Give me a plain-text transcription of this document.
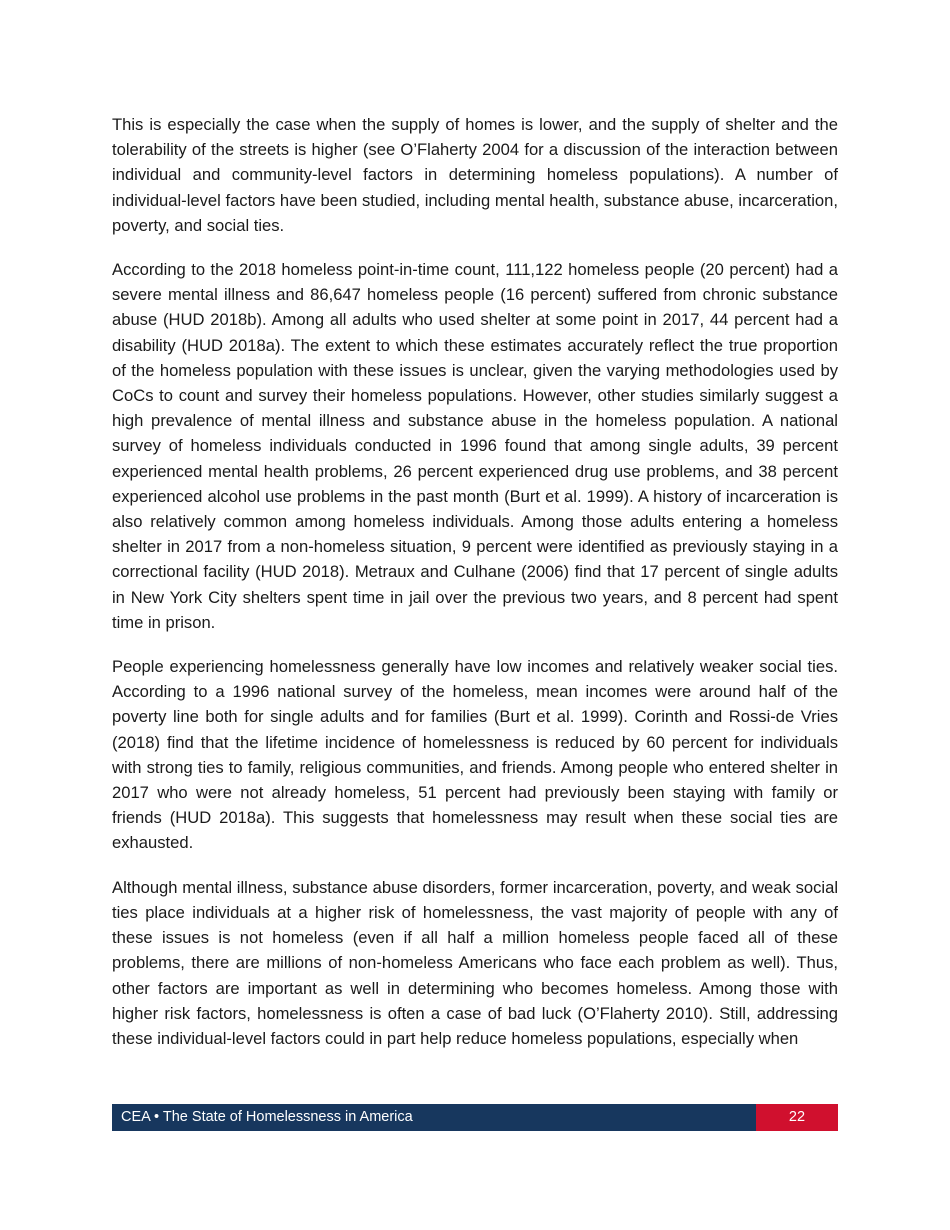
This is especially the case when the supply of homes is lower, and the supply of shelter and the tolerability of the streets is higher (see O’Flaherty 2004 for a discussion of the interaction between individual and community-level factors in determining homeless populations). A number of individual-level factors have been studied, including mental health, substance abuse, incarceration, poverty, and social ties.

According to the 2018 homeless point-in-time count, 111,122 homeless people (20 percent) had a severe mental illness and 86,647 homeless people (16 percent) suffered from chronic substance abuse (HUD 2018b). Among all adults who used shelter at some point in 2017, 44 percent had a disability (HUD 2018a). The extent to which these estimates accurately reflect the true proportion of the homeless population with these issues is unclear, given the varying methodologies used by CoCs to count and survey their homeless populations. However, other studies similarly suggest a high prevalence of mental illness and substance abuse in the homeless population. A national survey of homeless individuals conducted in 1996 found that among single adults, 39 percent experienced mental health problems, 26 percent experienced drug use problems, and 38 percent experienced alcohol use problems in the past month (Burt et al. 1999). A history of incarceration is also relatively common among homeless individuals. Among those adults entering a homeless shelter in 2017 from a non-homeless situation, 9 percent were identified as previously staying in a correctional facility (HUD 2018). Metraux and Culhane (2006) find that 17 percent of single adults in New York City shelters spent time in jail over the previous two years, and 8 percent had spent time in prison.

People experiencing homelessness generally have low incomes and relatively weaker social ties. According to a 1996 national survey of the homeless, mean incomes were around half of the poverty line both for single adults and for families (Burt et al. 1999). Corinth and Rossi-de Vries (2018) find that the lifetime incidence of homelessness is reduced by 60 percent for individuals with strong ties to family, religious communities, and friends. Among people who entered shelter in 2017 who were not already homeless, 51 percent had previously been staying with family or friends (HUD 2018a). This suggests that homelessness may result when these social ties are exhausted.

Although mental illness, substance abuse disorders, former incarceration, poverty, and weak social ties place individuals at a higher risk of homelessness, the vast majority of people with any of these issues is not homeless (even if all half a million homeless people faced all of these problems, there are millions of non-homeless Americans who face each problem as well). Thus, other factors are important as well in determining who becomes homeless. Among those with higher risk factors, homelessness is often a case of bad luck (O’Flaherty 2010). Still, addressing these individual-level factors could in part help reduce homeless populations, especially when

CEA • The State of Homelessness in America	22
